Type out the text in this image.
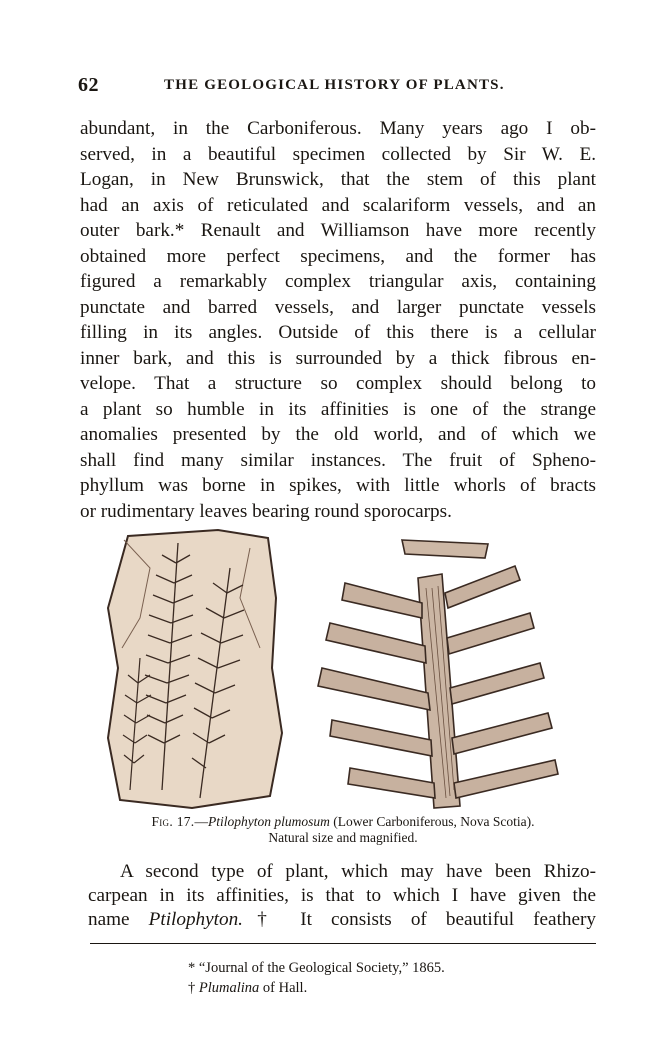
62	THE GEOLOGICAL HISTORY OF PLANTS.
abundant, in the Carboniferous. Many years ago I ob-
served, in a beautiful specimen collected by Sir W. E.
Logan, in New Brunswick, that the stem of this plant
had an axis of reticulated and scalariform vessels, and an
outer bark.* Renault and Williamson have more recently
obtained more perfect specimens, and the former has
figured a remarkably complex triangular axis, containing
punctate and barred vessels, and larger punctate vessels
filling in its angles. Outside of this there is a cellular
inner bark, and this is surrounded by a thick fibrous en-
velope. That a structure so complex should belong to
a plant so humble in its affinities is one of the strange
anomalies presented by the old world, and of which we
shall find many similar instances. The fruit of Spheno-
phyllum was borne in spikes, with little whorls of bracts
or rudimentary leaves bearing round sporocarps.
Fig. 17.—Ptilophyton plumosum (Lower Carboniferous, Nova Scotia).
Natural size and magnified.
A second type of plant, which may have been Rhizo-
carpean in its affinities, is that to which I have given the
name Ptilophyton.† It consists of beautiful feathery
* “Journal of the Geological Society,” 1865.
† Plumalina of Hall.
